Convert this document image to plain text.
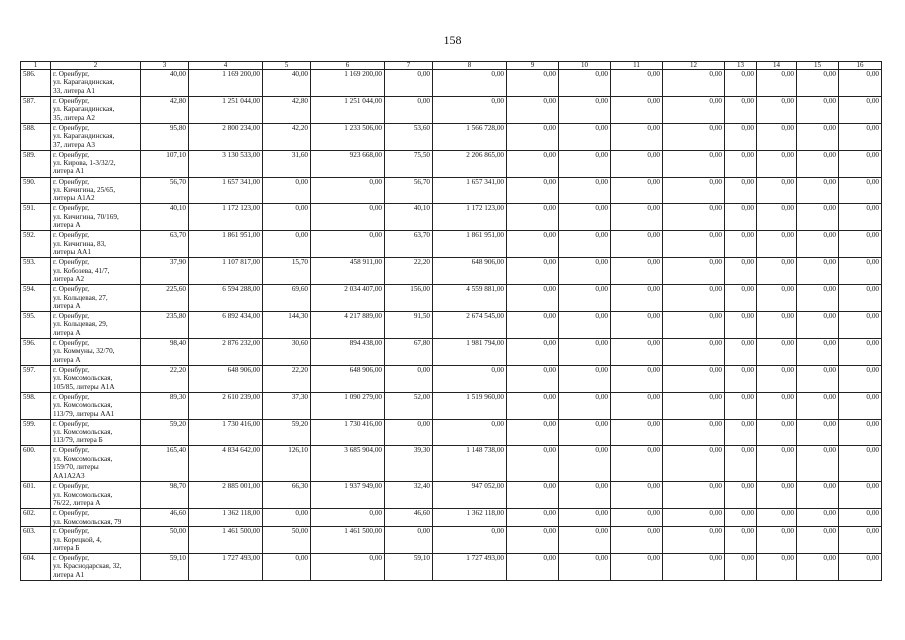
158
1	2	3	4	5	6	7	8	9	10	11	12	13	14	15	16
586.	г. Оренбург,
ул. Карагандинская,
33, литера А1	40,00	1 169 200,00	40,00	1 169 200,00	0,00	0,00	0,00	0,00	0,00	0,00	0,00	0,00	0,00	0,00
587.	г. Оренбург,
ул. Карагандинская,
35, литера А2	42,80	1 251 044,00	42,80	1 251 044,00	0,00	0,00	0,00	0,00	0,00	0,00	0,00	0,00	0,00	0,00
588.	г. Оренбург,
ул. Карагандинская,
37, литера А3	95,80	2 800 234,00	42,20	1 233 506,00	53,60	1 566 728,00	0,00	0,00	0,00	0,00	0,00	0,00	0,00	0,00
589.	г. Оренбург,
ул. Кирова, 1-3/32/2,
литера А1	107,10	3 130 533,00	31,60	923 668,00	75,50	2 206 865,00	0,00	0,00	0,00	0,00	0,00	0,00	0,00	0,00
590.	г. Оренбург,
ул. Кичигина, 25/65,
литеры А1А2	56,70	1 657 341,00	0,00	0,00	56,70	1 657 341,00	0,00	0,00	0,00	0,00	0,00	0,00	0,00	0,00
591.	г. Оренбург,
ул. Кичигина, 70/169,
литера А	40,10	1 172 123,00	0,00	0,00	40,10	1 172 123,00	0,00	0,00	0,00	0,00	0,00	0,00	0,00	0,00
592.	г. Оренбург,
ул. Кичигина, 83,
литеры АА1	63,70	1 861 951,00	0,00	0,00	63,70	1 861 951,00	0,00	0,00	0,00	0,00	0,00	0,00	0,00	0,00
593.	г. Оренбург,
ул. Кобозева, 41/7,
литера А2	37,90	1 107 817,00	15,70	458 911,00	22,20	648 906,00	0,00	0,00	0,00	0,00	0,00	0,00	0,00	0,00
594.	г. Оренбург,
ул. Кольцевая, 27,
литера А	225,60	6 594 288,00	69,60	2 034 407,00	156,00	4 559 881,00	0,00	0,00	0,00	0,00	0,00	0,00	0,00	0,00
595.	г. Оренбург,
ул. Кольцевая, 29,
литера А	235,80	6 892 434,00	144,30	4 217 889,00	91,50	2 674 545,00	0,00	0,00	0,00	0,00	0,00	0,00	0,00	0,00
596.	г. Оренбург,
ул. Коммуны, 32/70,
литера А	98,40	2 876 232,00	30,60	894 438,00	67,80	1 981 794,00	0,00	0,00	0,00	0,00	0,00	0,00	0,00	0,00
597.	г. Оренбург,
ул. Комсомольская,
105/85, литеры А1А	22,20	648 906,00	22,20	648 906,00	0,00	0,00	0,00	0,00	0,00	0,00	0,00	0,00	0,00	0,00
598.	г. Оренбург,
ул. Комсомольская,
113/79, литеры АА1	89,30	2 610 239,00	37,30	1 090 279,00	52,00	1 519 960,00	0,00	0,00	0,00	0,00	0,00	0,00	0,00	0,00
599.	г. Оренбург,
ул. Комсомольская,
113/79, литера Б	59,20	1 730 416,00	59,20	1 730 416,00	0,00	0,00	0,00	0,00	0,00	0,00	0,00	0,00	0,00	0,00
600.	г. Оренбург,
ул. Комсомольская,
159/70, литеры
АА1А2А3	165,40	4 834 642,00	126,10	3 685 904,00	39,30	1 148 738,00	0,00	0,00	0,00	0,00	0,00	0,00	0,00	0,00
601.	г. Оренбург,
ул. Комсомольская,
76/22, литера А	98,70	2 885 001,00	66,30	1 937 949,00	32,40	947 052,00	0,00	0,00	0,00	0,00	0,00	0,00	0,00	0,00
602.	г. Оренбург,
ул. Комсомольская, 79	46,60	1 362 118,00	0,00	0,00	46,60	1 362 118,00	0,00	0,00	0,00	0,00	0,00	0,00	0,00	0,00
603.	г. Оренбург,
ул. Корецкой, 4,
литера Б	50,00	1 461 500,00	50,00	1 461 500,00	0,00	0,00	0,00	0,00	0,00	0,00	0,00	0,00	0,00	0,00
604.	г. Оренбург,
ул. Краснодарская, 32,
литера А1	59,10	1 727 493,00	0,00	0,00	59,10	1 727 493,00	0,00	0,00	0,00	0,00	0,00	0,00	0,00	0,00
